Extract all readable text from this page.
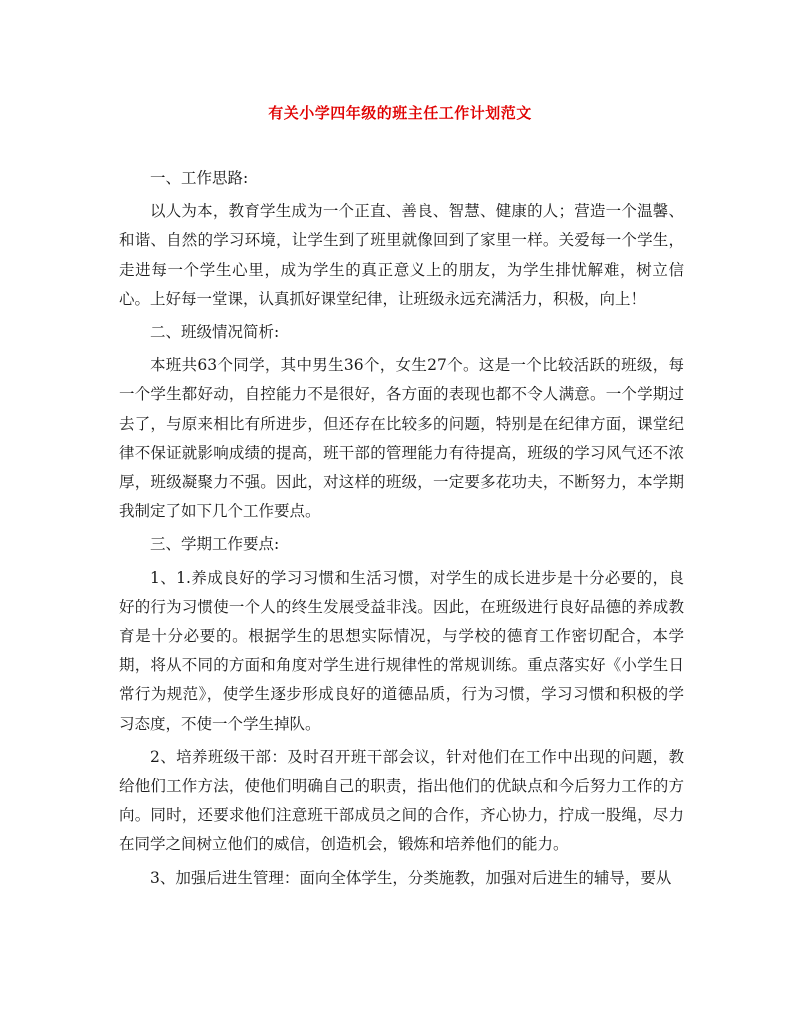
有关小学四年级的班主任工作计划范文
一、工作思路:
以人为本，教育学生成为一个正直、善良、智慧、健康的人；营造一个温馨、和谐、自然的学习环境，让学生到了班里就像回到了家里一样。关爱每一个学生，走进每一个学生心里，成为学生的真正意义上的朋友，为学生排忧解难，树立信心。上好每一堂课，认真抓好课堂纪律，让班级永远充满活力，积极，向上！
二、班级情况简析:
本班共63个同学，其中男生36个，女生27个。这是一个比较活跃的班级，每一个学生都好动，自控能力不是很好，各方面的表现也都不令人满意。一个学期过去了，与原来相比有所进步，但还存在比较多的问题，特别是在纪律方面，课堂纪律不保证就影响成绩的提高，班干部的管理能力有待提高，班级的学习风气还不浓厚，班级凝聚力不强。因此，对这样的班级，一定要多花功夫，不断努力，本学期我制定了如下几个工作要点。
三、学期工作要点:
1、1.养成良好的学习习惯和生活习惯，对学生的成长进步是十分必要的，良好的行为习惯使一个人的终生发展受益非浅。因此，在班级进行良好品德的养成教育是十分必要的。根据学生的思想实际情况，与学校的德育工作密切配合，本学期，将从不同的方面和角度对学生进行规律性的常规训练。重点落实好《小学生日常行为规范》，使学生逐步形成良好的道德品质，行为习惯，学习习惯和积极的学习态度，不使一个学生掉队。
2、培养班级干部：及时召开班干部会议，针对他们在工作中出现的问题，教给他们工作方法，使他们明确自己的职责，指出他们的优缺点和今后努力工作的方向。同时，还要求他们注意班干部成员之间的合作，齐心协力，拧成一股绳，尽力在同学之间树立他们的威信，创造机会，锻炼和培养他们的能力。
3、加强后进生管理：面向全体学生，分类施教，加强对后进生的辅导，要从
